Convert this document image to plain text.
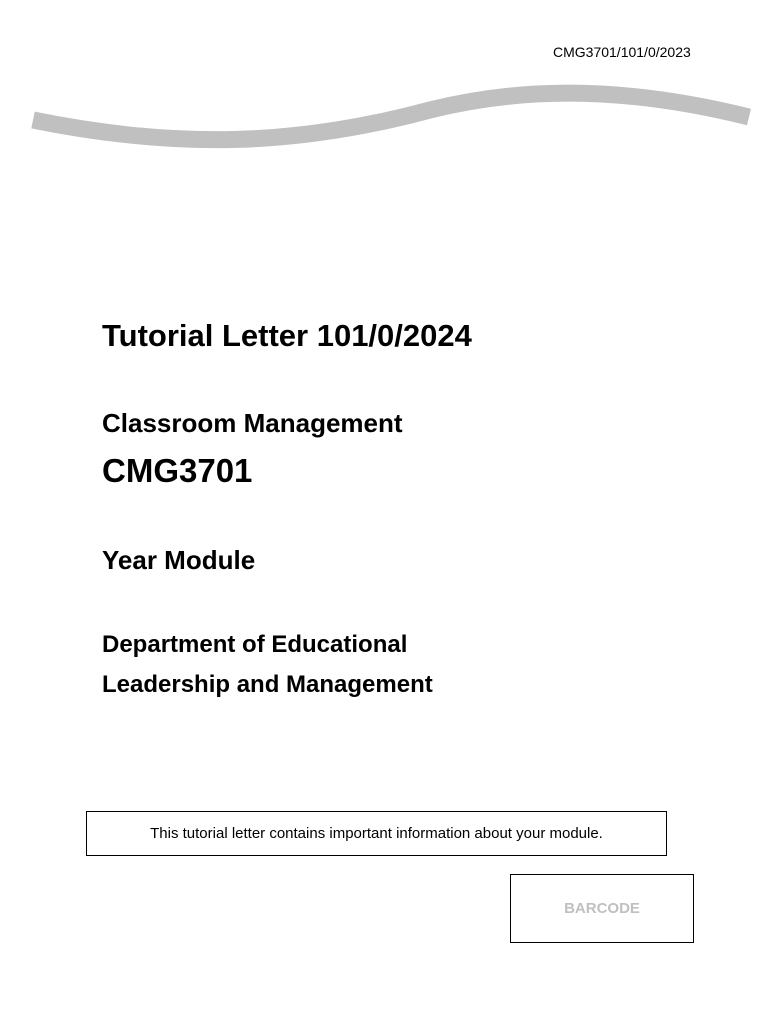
CMG3701/101/0/2023
Tutorial Letter 101/0/2024
Classroom Management
CMG3701
Year Module
Department of Educational
Leadership and Management
This tutorial letter contains important information about your module.
BARCODE
